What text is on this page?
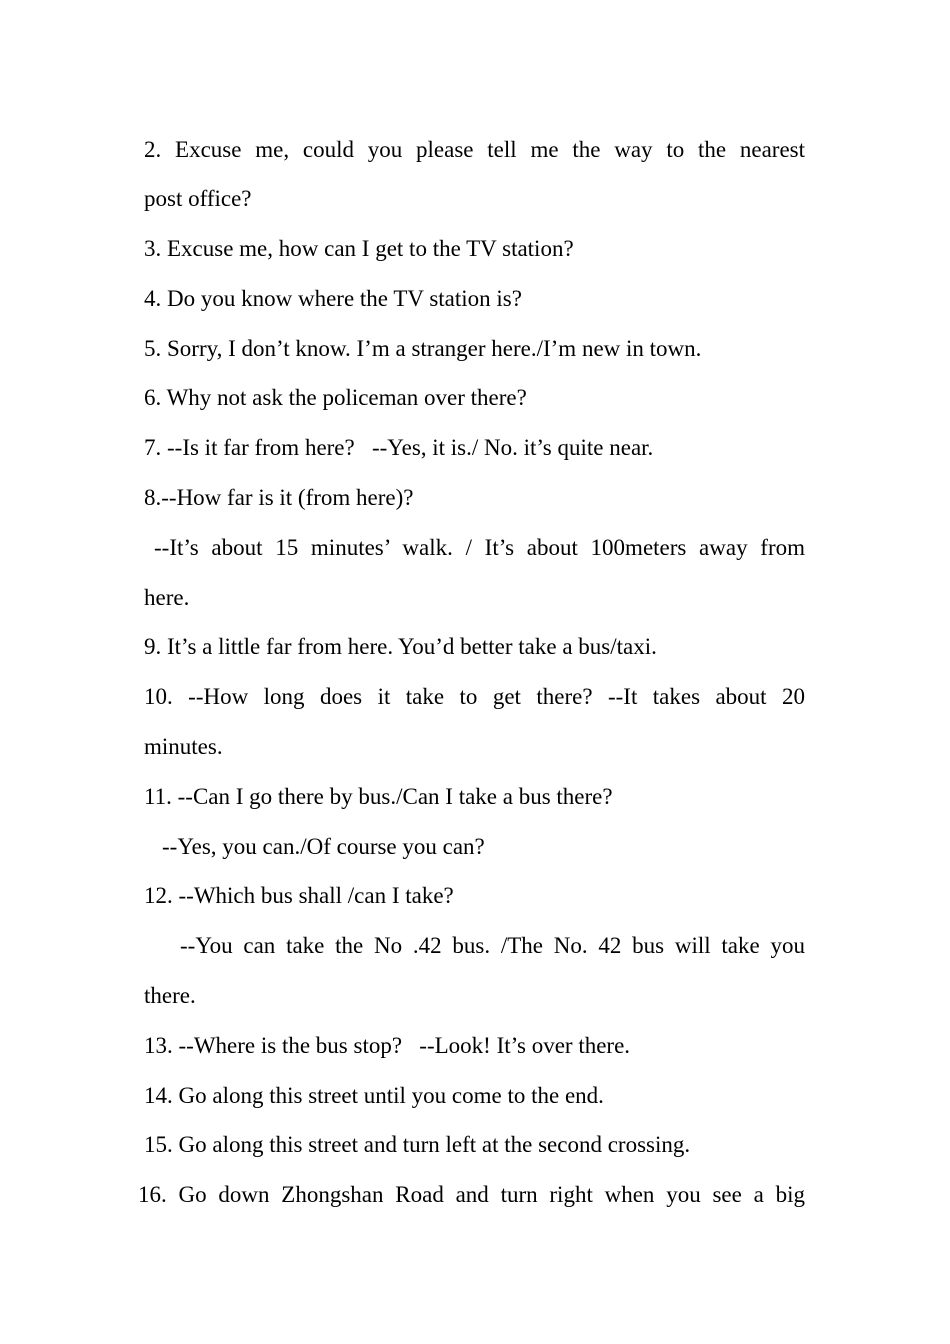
2. Excuse me, could you please tell me the way to the nearest
post office?
3. Excuse me, how can I get to the TV station?
4. Do you know where the TV station is?
5. Sorry, I don’t know. I’m a stranger here./I’m new in town.
6. Why not ask the policeman over there?
7. --Is it far from here?   --Yes, it is./ No. it’s quite near.
8.--How far is it (from here)?
--It’s about 15 minutes’ walk. / It’s about 100meters away from
here.
9. It’s a little far from here. You’d better take a bus/taxi.
10. --How long does it take to get there? --It takes about 20
minutes.
11. --Can I go there by bus./Can I take a bus there?
--Yes, you can./Of course you can?
12. --Which bus shall /can I take?
--You can take the No .42 bus. /The No. 42 bus will take you
there.
13. --Where is the bus stop?   --Look! It’s over there.
14. Go along this street until you come to the end.
15. Go along this street and turn left at the second crossing.
16. Go down Zhongshan Road and turn right when you see a big
